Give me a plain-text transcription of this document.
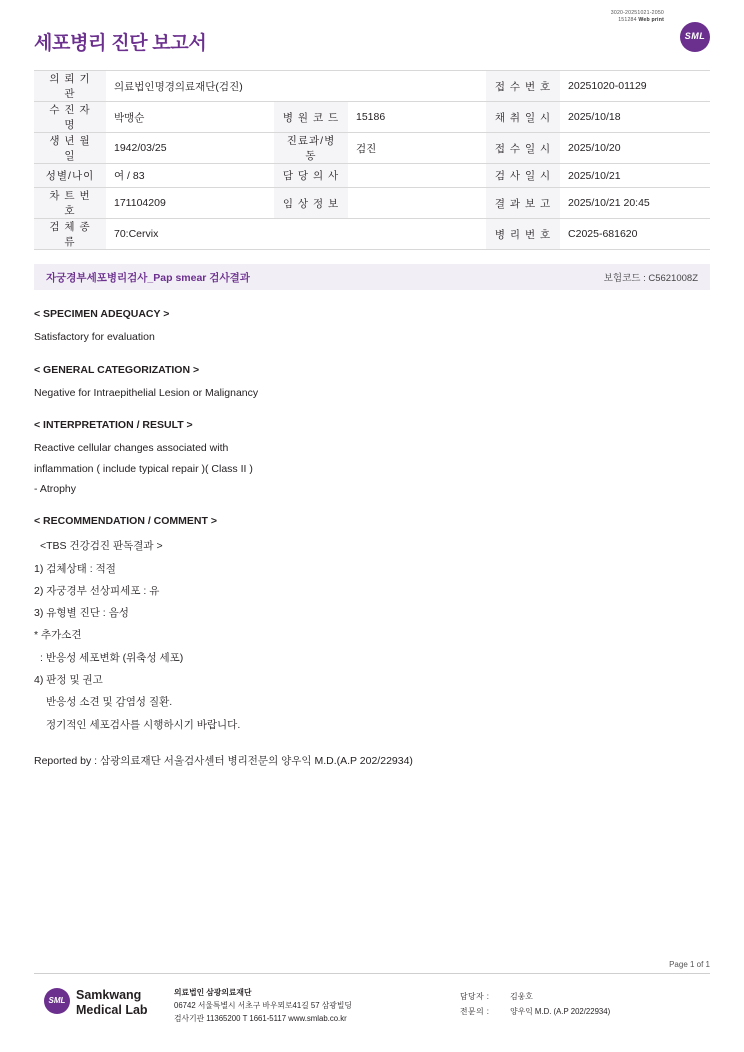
세포병리 진단 보고서
3020-20251021-2050
151284 Web print
SML
의 뢰 기 관	의료법인명경의료재단(검진)			접 수 번 호	20251020-01129
수 진 자 명	박맹순	병 원 코 드	15186	채 취 일 시	2025/10/18
생 년 월 일	1942/03/25	진료과/병동	검진	접 수 일 시	2025/10/20
성별/나이	여 / 83	담 당 의 사		검 사 일 시	2025/10/21
차 트 번 호	171104209	임 상 정 보		결 과 보 고	2025/10/21 20:45
검 체 종 류	70:Cervix			병 리 번 호	C2025-681620
자궁경부세포병리검사_Pap smear 검사결과	보험코드 : C5621008Z
< SPECIMEN ADEQUACY >
Satisfactory for evaluation
< GENERAL CATEGORIZATION >
Negative for Intraepithelial Lesion or Malignancy
< INTERPRETATION / RESULT >
Reactive cellular changes associated with
inflammation ( include typical repair )( Class II )
- Atrophy
< RECOMMENDATION / COMMENT >
<TBS 건강검진 판독결과 >
1) 검체상태 : 적절
2) 자궁경부 선상피세포 : 유
3) 유형별 진단 : 음성
* 추가소견
: 반응성 세포변화 (위축성 세포)
4) 판정 및 권고
반응성 소견 및 감염성 질환.
정기적인 세포검사를 시행하시기 바랍니다.
Reported by : 삼광의료재단 서울검사센터 병리전문의 양우익 M.D.(A.P 202/22934)
Page 1 of 1
SML Samkwang
Medical Lab
의료법인 삼광의료재단
06742 서울특별시 서초구 바우뫼로41길 57 삼광빌딩
검사기관 11365200 T 1661-5117 www.smlab.co.kr
담당자 :	김웅호
전문의 :	양우익 M.D. (A.P 202/22934)
